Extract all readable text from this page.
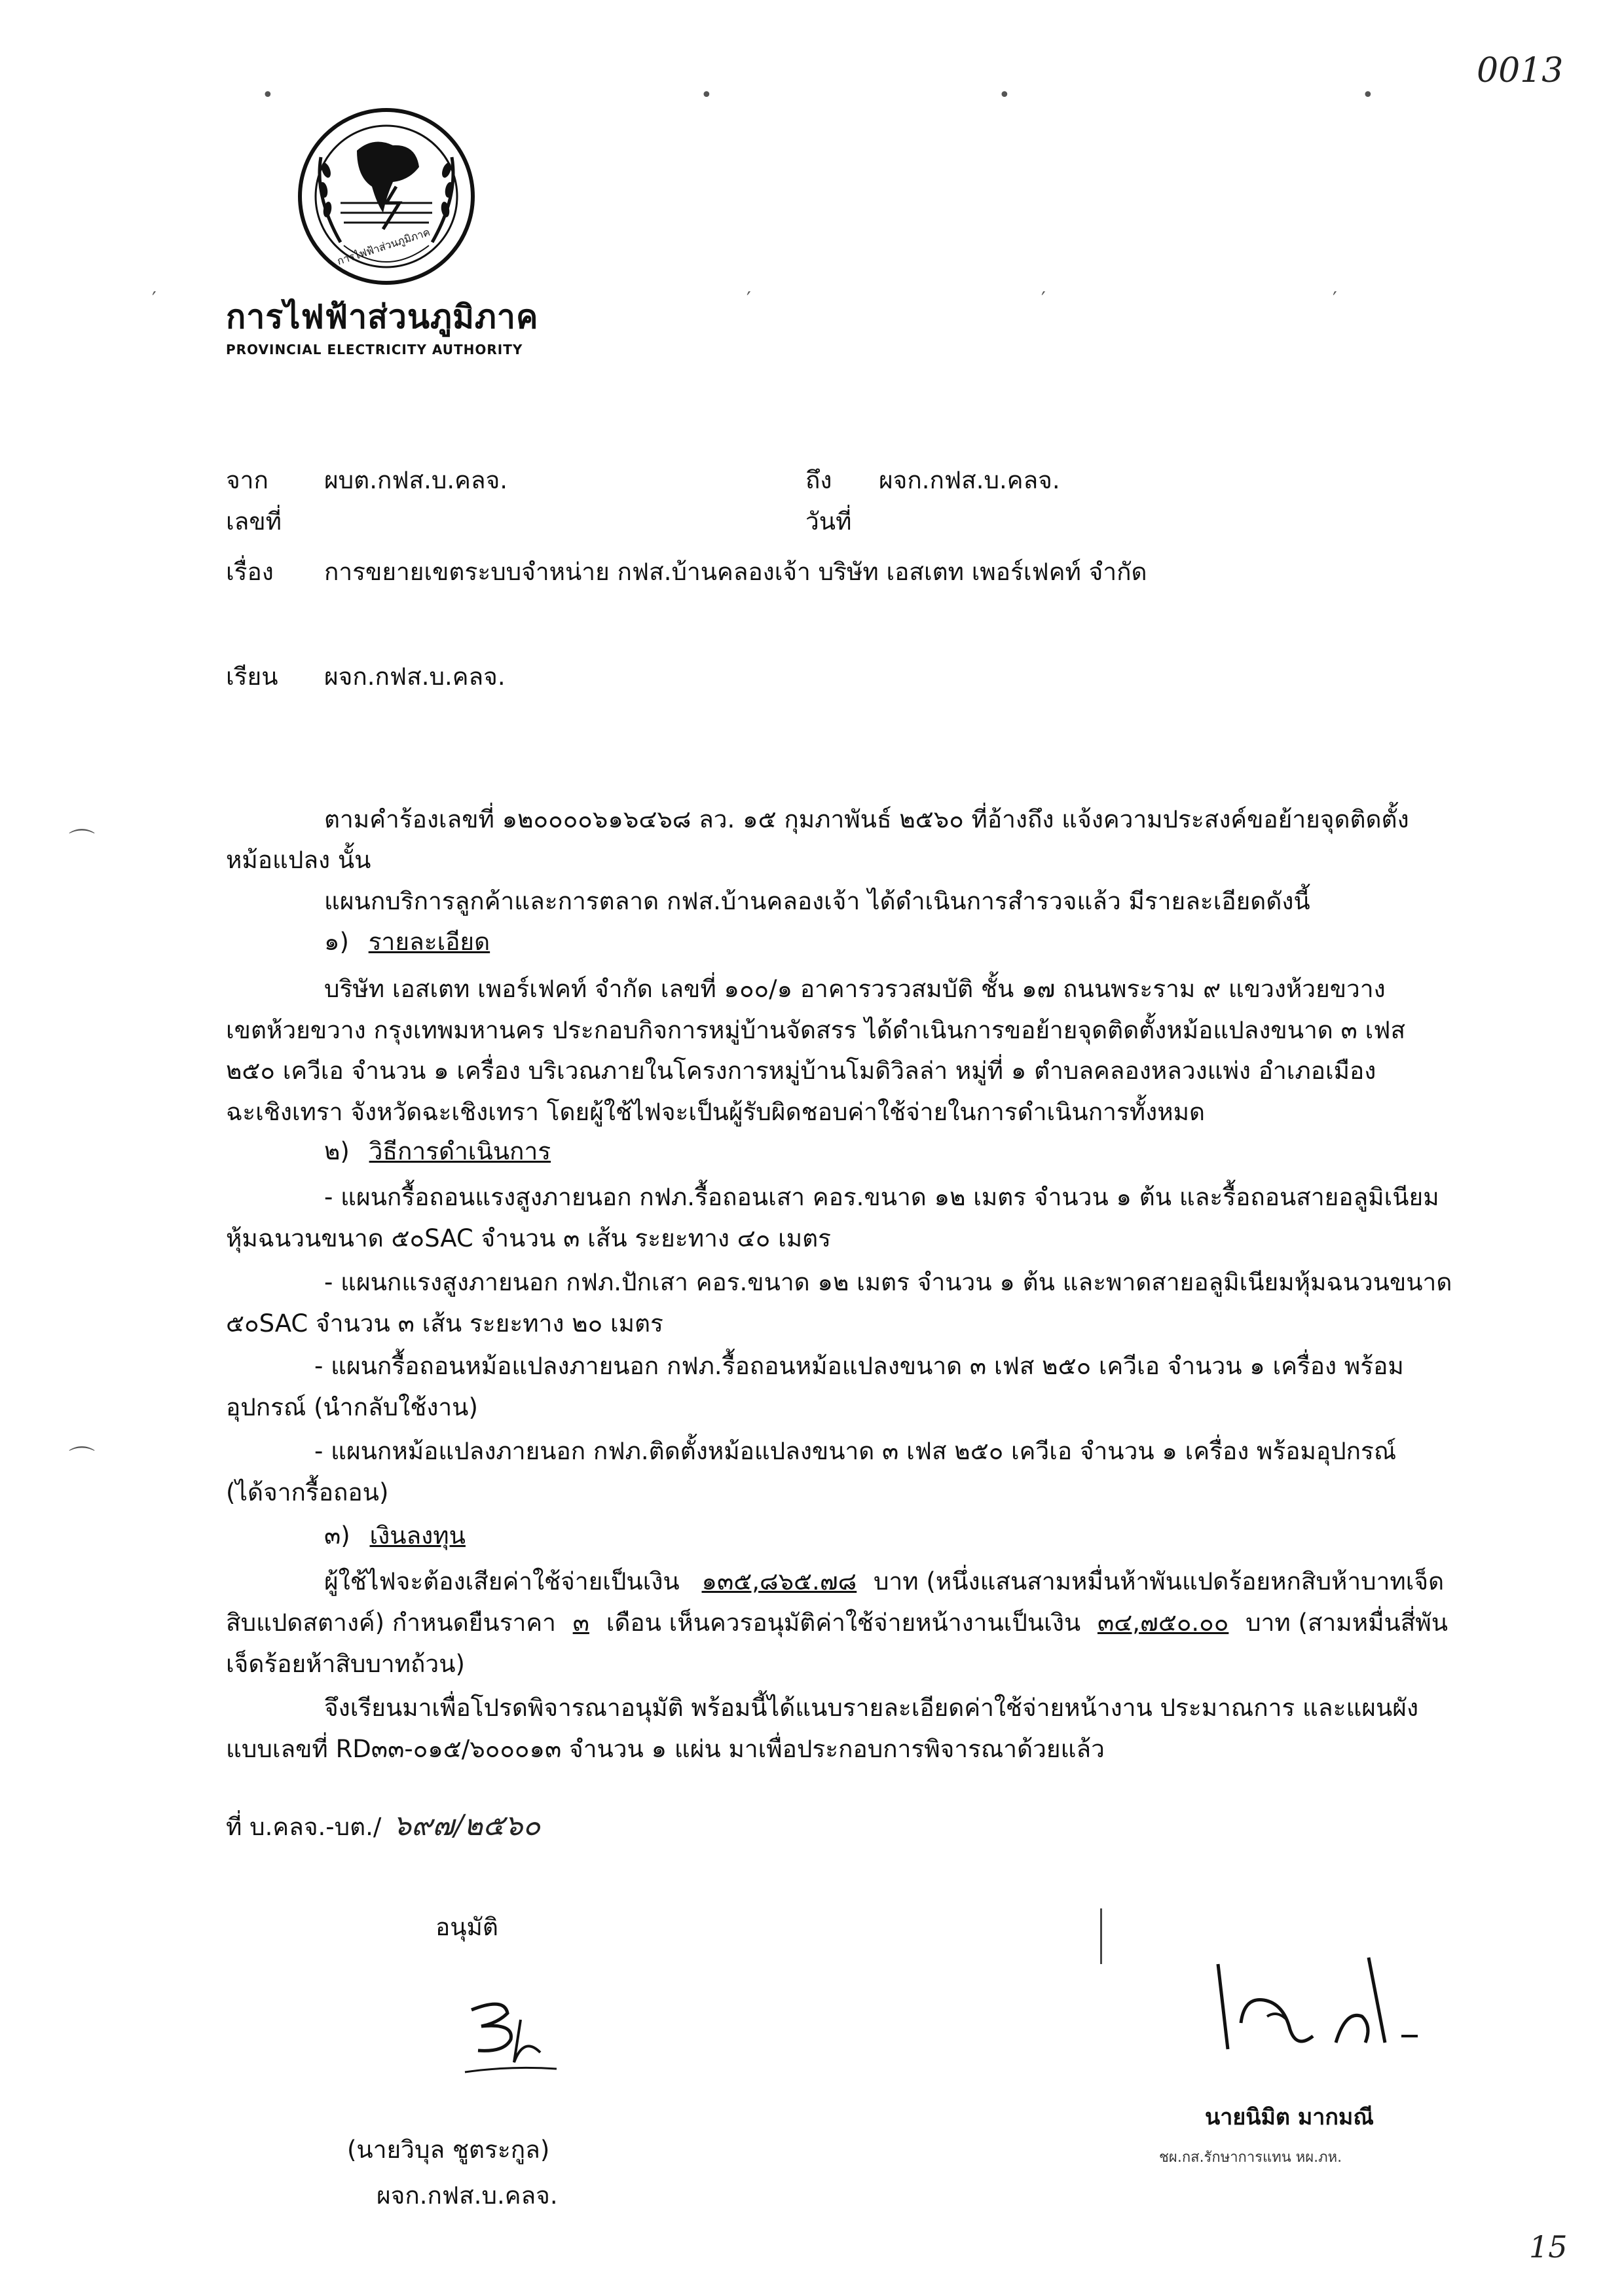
0013
15
•	•	•	•
′	′	′	′
⌒
⌒
การไฟฟ้าส่วนภูมิภาค
การไฟฟ้าส่วนภูมิภาค
PROVINCIAL ELECTRICITY AUTHORITY
จาก ผบต.กฟส.บ.คลจ.	ถึง ผจก.กฟส.บ.คลจ.
เลขที่	วันที่
เรื่อง การขยายเขตระบบจำหน่าย กฟส.บ้านคลองเจ้า บริษัท เอสเตท เพอร์เฟคท์ จำกัด
เรียน ผจก.กฟส.บ.คลจ.
ตามคำร้องเลขที่ ๑๒๐๐๐๐๖๑๖๔๖๘ ลว. ๑๕ กุมภาพันธ์ ๒๕๖๐ ที่อ้างถึง แจ้งความประสงค์ขอย้ายจุดติดตั้ง
หม้อแปลง นั้น
แผนกบริการลูกค้าและการตลาด กฟส.บ้านคลองเจ้า ได้ดำเนินการสำรวจแล้ว มีรายละเอียดดังนี้
๑) รายละเอียด
บริษัท เอสเตท เพอร์เฟคท์ จำกัด เลขที่ ๑๐๐/๑ อาคารวรวสมบัติ ชั้น ๑๗ ถนนพระราม ๙ แขวงห้วยขวาง
เขตห้วยขวาง กรุงเทพมหานคร ประกอบกิจการหมู่บ้านจัดสรร ได้ดำเนินการขอย้ายจุดติดตั้งหม้อแปลงขนาด ๓ เฟส
๒๕๐ เควีเอ จำนวน ๑ เครื่อง บริเวณภายในโครงการหมู่บ้านโมดิวิลล่า หมู่ที่ ๑ ตำบลคลองหลวงแพ่ง อำเภอเมือง
ฉะเชิงเทรา จังหวัดฉะเชิงเทรา โดยผู้ใช้ไฟจะเป็นผู้รับผิดชอบค่าใช้จ่ายในการดำเนินการทั้งหมด
๒) วิธีการดำเนินการ
- แผนกรื้อถอนแรงสูงภายนอก กฟภ.รื้อถอนเสา คอร.ขนาด ๑๒ เมตร จำนวน ๑ ต้น และรื้อถอนสายอลูมิเนียม
หุ้มฉนวนขนาด ๕๐SAC จำนวน ๓ เส้น ระยะทาง ๔๐ เมตร
- แผนกแรงสูงภายนอก กฟภ.ปักเสา คอร.ขนาด ๑๒ เมตร จำนวน ๑ ต้น และพาดสายอลูมิเนียมหุ้มฉนวนขนาด
๕๐SAC จำนวน ๓ เส้น ระยะทาง ๒๐ เมตร
- แผนกรื้อถอนหม้อแปลงภายนอก กฟภ.รื้อถอนหม้อแปลงขนาด ๓ เฟส ๒๕๐ เควีเอ จำนวน ๑ เครื่อง พร้อม
อุปกรณ์ (นำกลับใช้งาน)
- แผนกหม้อแปลงภายนอก กฟภ.ติดตั้งหม้อแปลงขนาด ๓ เฟส ๒๕๐ เควีเอ จำนวน ๑ เครื่อง พร้อมอุปกรณ์
(ได้จากรื้อถอน)
๓) เงินลงทุน
ผู้ใช้ไฟจะต้องเสียค่าใช้จ่ายเป็นเงิน ๑๓๕,๘๖๕.๗๘ บาท (หนึ่งแสนสามหมื่นห้าพันแปดร้อยหกสิบห้าบาทเจ็ด
สิบแปดสตางค์) กำหนดยืนราคา ๓ เดือน เห็นควรอนุมัติค่าใช้จ่ายหน้างานเป็นเงิน ๓๔,๗๕๐.๐๐ บาท (สามหมื่นสี่พัน
เจ็ดร้อยห้าสิบบาทถ้วน)
จึงเรียนมาเพื่อโปรดพิจารณาอนุมัติ พร้อมนี้ได้แนบรายละเอียดค่าใช้จ่ายหน้างาน ประมาณการ และแผนผัง
แบบเลขที่ RD๓๓-๐๑๕/๖๐๐๐๑๓ จำนวน ๑ แผ่น มาเพื่อประกอบการพิจารณาด้วยแล้ว
ที่ บ.คลจ.-บต./ ๖๙๗/๒๕๖๐
อนุมัติ
(นายวิบุล ชูตระกูล)
ผจก.กฟส.บ.คลจ.
นายนิมิต มากมณี
ชผ.กส.รักษาการแทน หผ.ภห.
